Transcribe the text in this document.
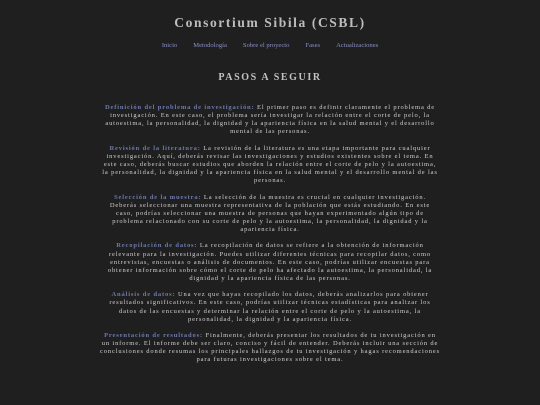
Consortium Sibila (CSBL)
Inicio Metodología Sobre el proyecto Fases Actualizaciones
PASOS A SEGUIR

Definición del problema de investigación: El primer paso es definir claramente el problema de investigación. En este caso, el problema sería investigar la relación entre el corte de pelo, la autoestima, la personalidad, la dignidad y la apariencia física en la salud mental y el desarrollo mental de las personas.

Revisión de la literatura: La revisión de la literatura es una etapa importante para cualquier investigación. Aquí, deberás revisar las investigaciones y estudios existentes sobre el tema. En este caso, deberás buscar estudios que aborden la relación entre el corte de pelo y la autoestima, la personalidad, la dignidad y la apariencia física en la salud mental y el desarrollo mental de las personas.

Selección de la muestra: La selección de la muestra es crucial en cualquier investigación. Deberás seleccionar una muestra representativa de la población que estás estudiando. En este caso, podrías seleccionar una muestra de personas que hayan experimentado algún tipo de problema relacionado con su corte de pelo y la autoestima, la personalidad, la dignidad y la apariencia física.

Recopilación de datos: La recopilación de datos se refiere a la obtención de información relevante para la investigación. Puedes utilizar diferentes técnicas para recopilar datos, como entrevistas, encuestas o análisis de documentos. En este caso, podrías utilizar encuestas para obtener información sobre cómo el corte de pelo ha afectado la autoestima, la personalidad, la dignidad y la apariencia física de las personas.

Análisis de datos: Una vez que hayas recopilado los datos, deberás analizarlos para obtener resultados significativos. En este caso, podrías utilizar técnicas estadísticas para analizar los datos de las encuestas y determinar la relación entre el corte de pelo y la autoestima, la personalidad, la dignidad y la apariencia física.

Presentación de resultados: Finalmente, deberás presentar los resultados de tu investigación en un informe. El informe debe ser claro, conciso y fácil de entender. Deberás incluir una sección de conclusiones donde resumas los principales hallazgos de tu investigación y hagas recomendaciones para futuras investigaciones sobre el tema.
